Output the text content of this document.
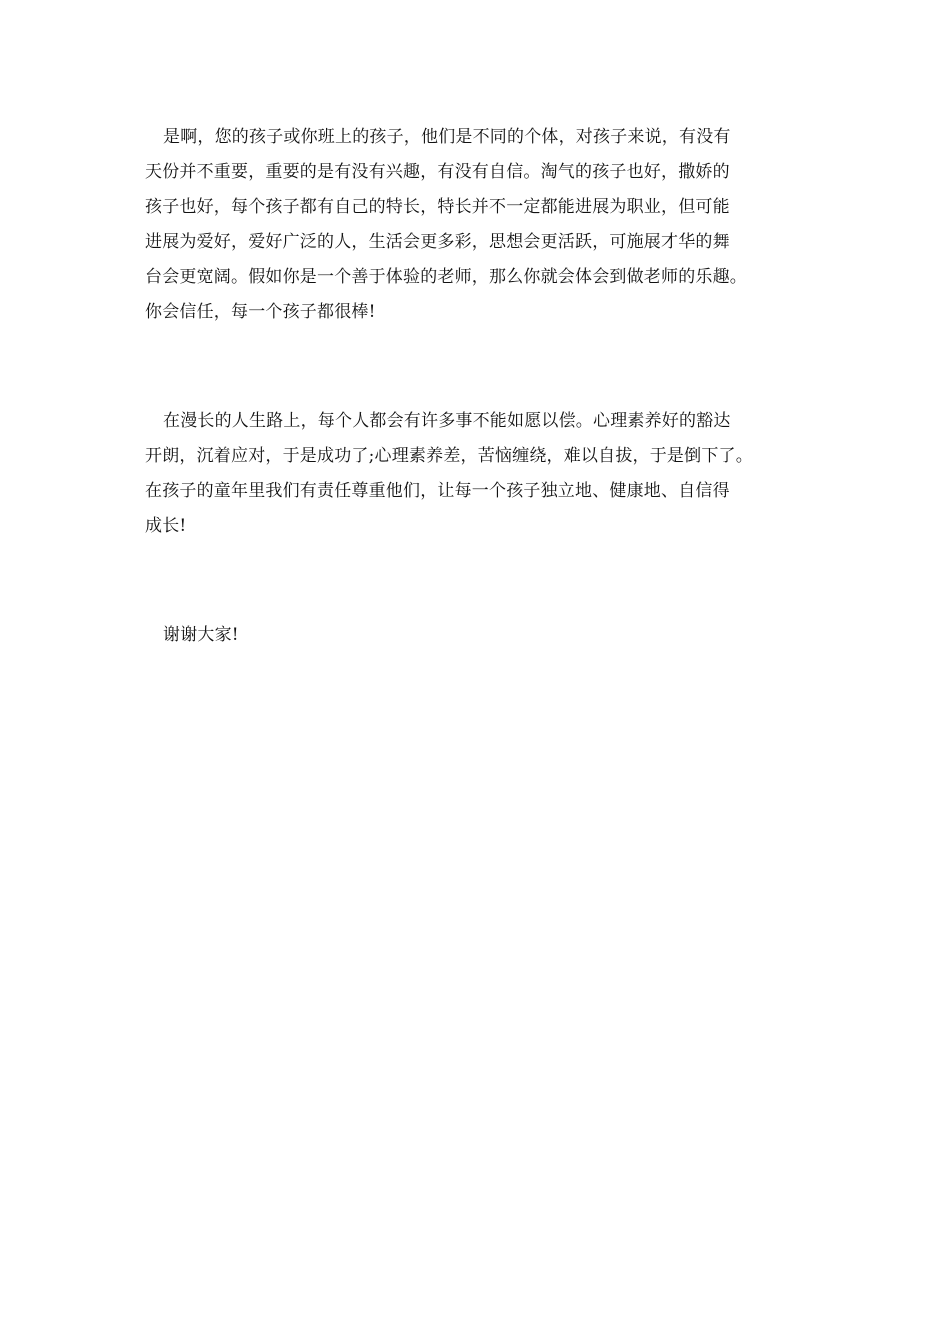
是啊，您的孩子或你班上的孩子，他们是不同的个体，对孩子来说，有没有
天份并不重要，重要的是有没有兴趣，有没有自信。淘气的孩子也好，撒娇的
孩子也好，每个孩子都有自己的特长，特长并不一定都能进展为职业，但可能
进展为爱好，爱好广泛的人，生活会更多彩，思想会更活跃，可施展才华的舞
台会更宽阔。假如你是一个善于体验的老师，那么你就会体会到做老师的乐趣。
你会信任，每一个孩子都很棒!
在漫长的人生路上，每个人都会有许多事不能如愿以偿。心理素养好的豁达
开朗，沉着应对，于是成功了;心理素养差，苦恼缠绕，难以自拔，于是倒下了。
在孩子的童年里我们有责任尊重他们，让每一个孩子独立地、健康地、自信得
成长!
谢谢大家!
